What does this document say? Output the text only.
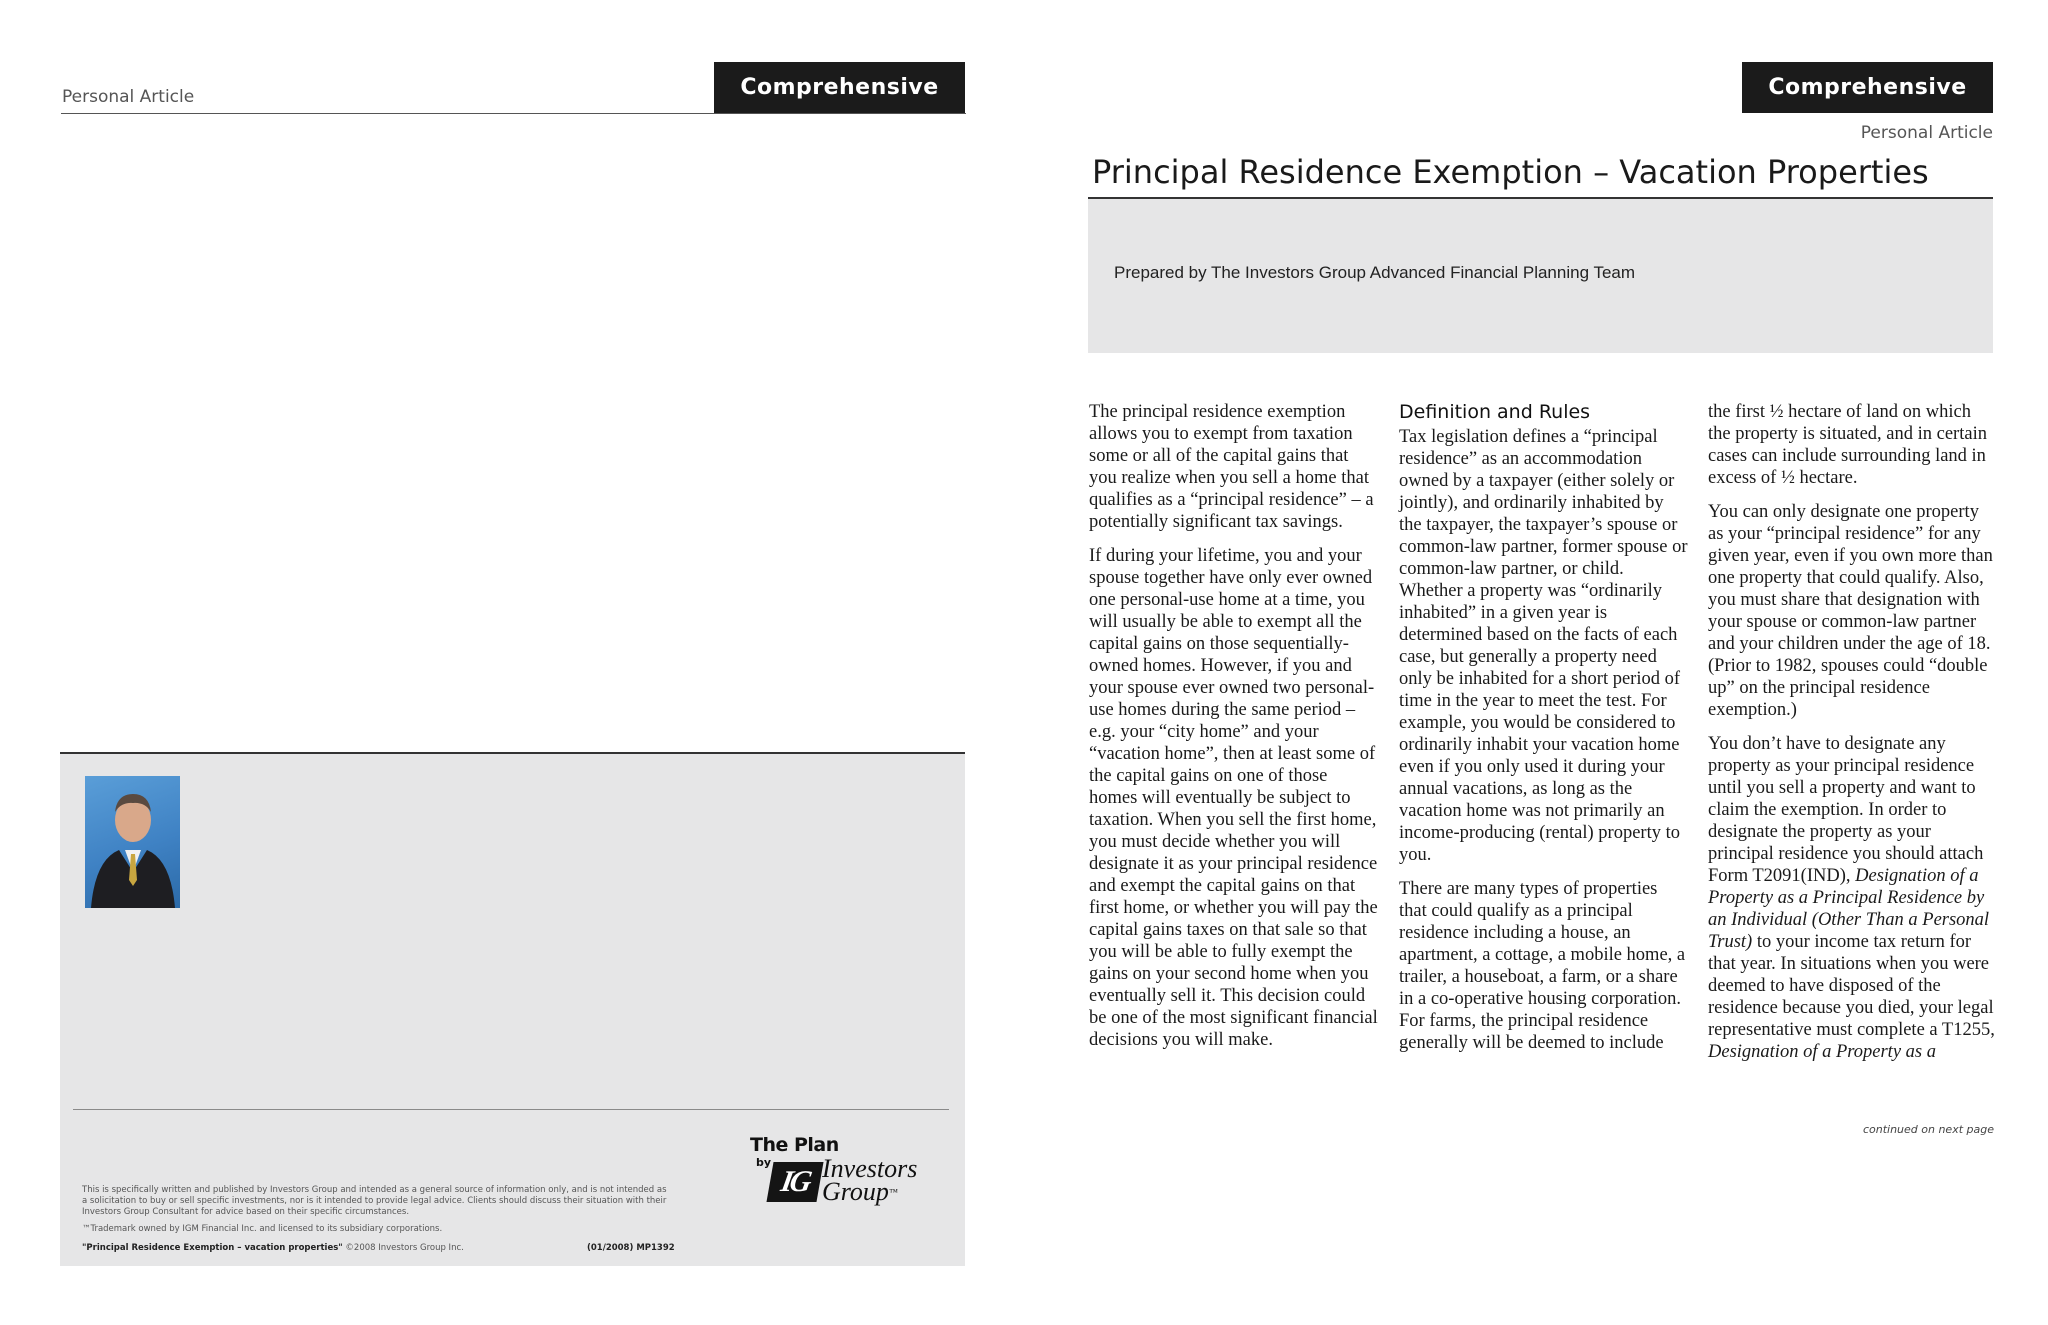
Personal Article	Comprehensive
The Plan
by
IG Investors
Group™
This is specifically written and published by Investors Group and intended as a general source of information only, and is not intended as a solicitation to buy or sell specific investments, nor is it intended to provide legal advice. Clients should discuss their situation with their Investors Group Consultant for advice based on their specific circumstances.
™Trademark owned by IGM Financial Inc. and licensed to its subsidiary corporations.
"Principal Residence Exemption – vacation properties" ©2008 Investors Group Inc.	(01/2008) MP1392
Comprehensive
Personal Article
Principal Residence Exemption – Vacation Properties
Prepared by The Investors Group Advanced Financial Planning Team

The principal residence exemption allows you to exempt from taxation some or all of the capital gains that you realize when you sell a home that qualifies as a “principal residence” – a potentially significant tax savings.

If during your lifetime, you and your spouse together have only ever owned one personal-use home at a time, you will usually be able to exempt all the capital gains on those sequentially-owned homes. However, if you and your spouse ever owned two personal-use homes during the same period – e.g. your “city home” and your “vacation home”, then at least some of the capital gains on one of those homes will eventually be subject to taxation. When you sell the first home, you must decide whether you will designate it as your principal residence and exempt the capital gains on that first home, or whether you will pay the capital gains taxes on that sale so that you will be able to fully exempt the gains on your second home when you eventually sell it. This decision could be one of the most significant financial decisions you will make.

Definition and Rules

Tax legislation defines a “principal residence” as an accommodation owned by a taxpayer (either solely or jointly), and ordinarily inhabited by the taxpayer, the taxpayer’s spouse or common-law partner, former spouse or common-law partner, or child. Whether a property was “ordinarily inhabited” in a given year is determined based on the facts of each case, but generally a property need only be inhabited for a short period of time in the year to meet the test. For example, you would be considered to ordinarily inhabit your vacation home even if you only used it during your annual vacations, as long as the vacation home was not primarily an income-producing (rental) property to you.

There are many types of properties that could qualify as a principal residence including a house, an apartment, a cottage, a mobile home, a trailer, a houseboat, a farm, or a share in a co-operative housing corporation. For farms, the principal residence generally will be deemed to include

the first ½ hectare of land on which the property is situated, and in certain cases can include surrounding land in excess of ½ hectare.

You can only designate one property as your “principal residence” for any given year, even if you own more than one property that could qualify. Also, you must share that designation with your spouse or common-law partner and your children under the age of 18. (Prior to 1982, spouses could “double up” on the principal residence exemption.)

You don’t have to designate any property as your principal residence until you sell a property and want to claim the exemption. In order to designate the property as your principal residence you should attach Form T2091(IND), Designation of a Property as a Principal Residence by an Individual (Other Than a Personal Trust) to your income tax return for that year. In situations when you were deemed to have disposed of the residence because you died, your legal representative must complete a T1255, Designation of a Property as a

continued on next page
